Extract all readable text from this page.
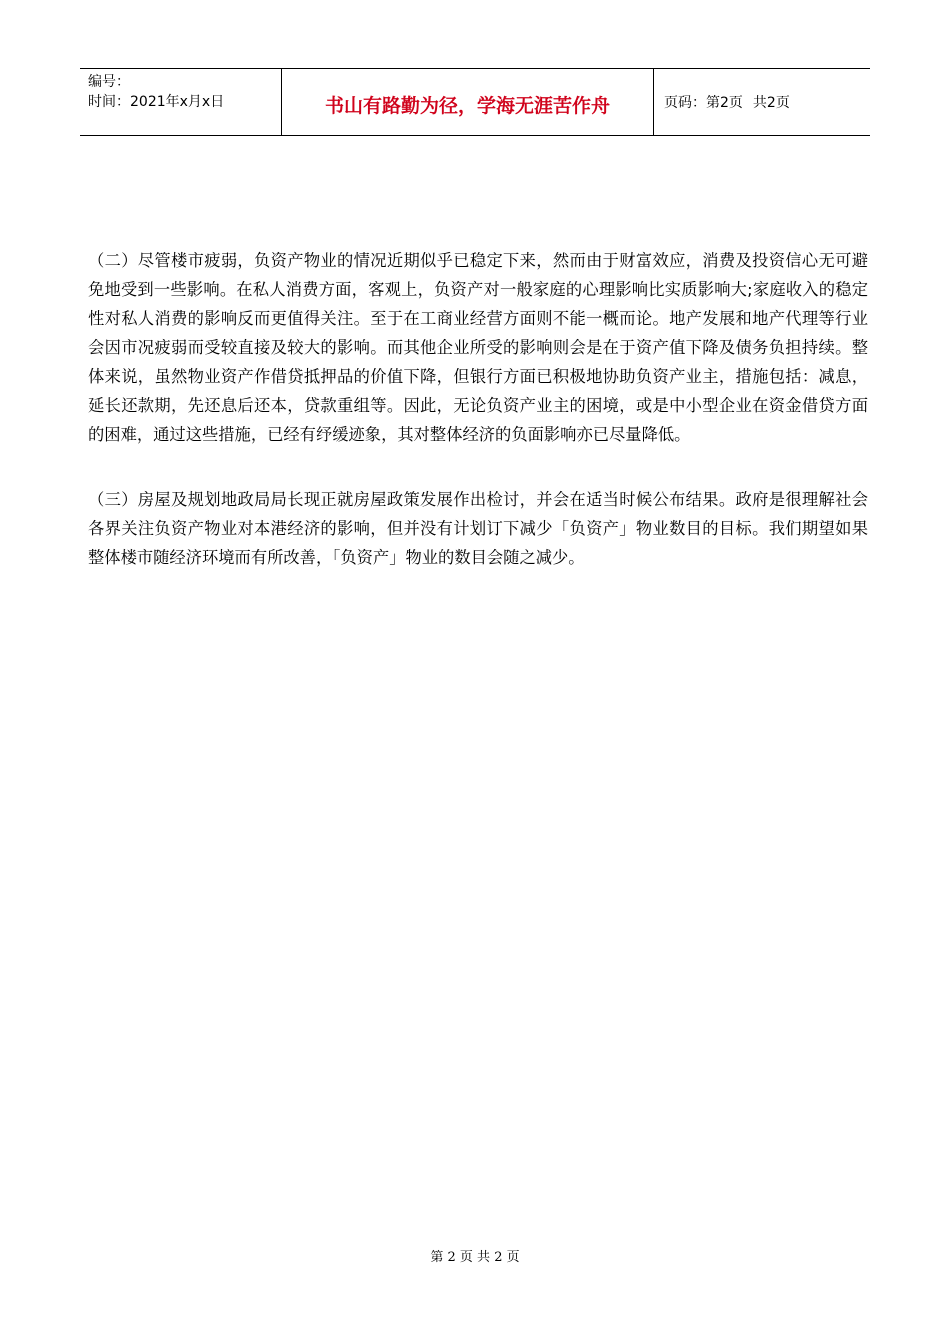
编号：
时间：2021年x月x日	书山有路勤为径，学海无涯苦作舟	页码：第2页 共2页

（二）尽管楼市疲弱，负资产物业的情况近期似乎已稳定下来，然而由于财富效应，消费及投资信心无可避免地受到一些影响。在私人消费方面，客观上，负资产对一般家庭的心理影响比实质影响大;家庭收入的稳定性对私人消费的影响反而更值得关注。至于在工商业经营方面则不能一概而论。地产发展和地产代理等行业会因市况疲弱而受较直接及较大的影响。而其他企业所受的影响则会是在于资产值下降及债务负担持续。整体来说，虽然物业资产作借贷抵押品的价值下降，但银行方面已积极地协助负资产业主，措施包括：减息，延长还款期，先还息后还本，贷款重组等。因此，无论负资产业主的困境，或是中小型企业在资金借贷方面的困难，通过这些措施，已经有纾缓迹象，其对整体经济的负面影响亦已尽量降低。

（三）房屋及规划地政局局长现正就房屋政策发展作出检讨，并会在适当时候公布结果。政府是很理解社会各界关注负资产物业对本港经济的影响，但并没有计划订下减少「负资产」物业数目的目标。我们期望如果整体楼市随经济环境而有所改善，「负资产」物业的数目会随之减少。

第 2 页 共 2 页
